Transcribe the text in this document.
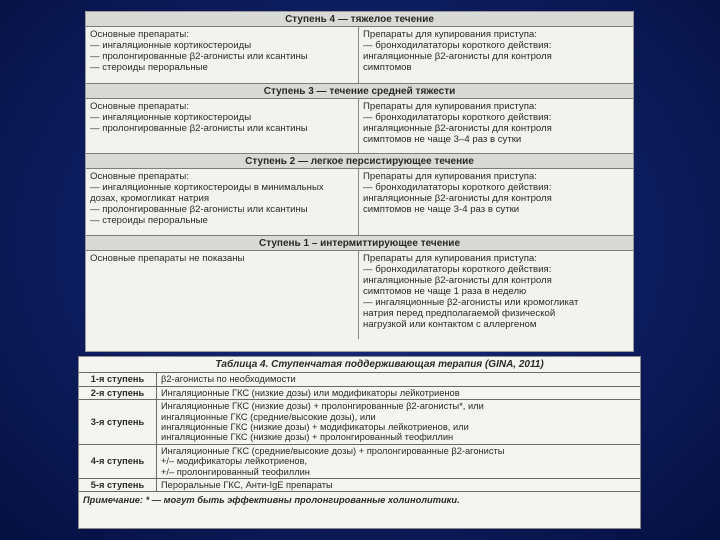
Ступень 4 — тяжелое течение
Основные препараты:
— ингаляционные кортикостероиды
— пролонгированные β2-агонисты или ксантины
— стероиды пероральные
Препараты для купирования приступа:
— бронходилататоры короткого действия:
ингаляционные β2-агонисты для контроля
симптомов
Ступень 3 — течение средней тяжести
Основные препараты:
— ингаляционные кортикостероиды
— пролонгированные β2-агонисты или ксантины
Препараты для купирования приступа:
— бронходилататоры короткого действия:
ингаляционные β2-агонисты для контроля
симптомов не чаще 3–4 раз в сутки
Ступень 2 — легкое персистирующее течение
Основные препараты:
— ингаляционные кортикостероиды в минимальных
дозах, кромогликат натрия
— пролонгированные β2-агонисты или ксантины
— стероиды пероральные
Препараты для купирования приступа:
— бронходилататоры короткого действия:
ингаляционные β2-агонисты для контроля
симптомов не чаще 3-4 раз в сутки
Ступень 1 – интермиттирующее течение
Основные препараты не показаны	Препараты для купирования приступа:
— бронходилататоры короткого действия:
ингаляционные β2-агонисты для контроля
симптомов не чаще 1 раза в неделю
— ингаляционные β2-агонисты или кромогликат
натрия перед предполагаемой физической
нагрузкой или контактом с аллергеном
Таблица 4. Ступенчатая поддерживающая терапия (GINA, 2011)
1-я ступень	β2-агонисты по необходимости
2-я ступень	Ингаляционные ГКС (низкие дозы) или модификаторы лейкотриенов
3-я ступень
Ингаляционные ГКС (низкие дозы) + пролонгированные β2-агонисты*, или
ингаляционные ГКС (средние/высокие дозы), или
ингаляционные ГКС (низкие дозы) + модификаторы лейкотриенов, или
ингаляционные ГКС (низкие дозы) + пролонгированный теофиллин
4-я ступень
Ингаляционные ГКС (средние/высокие дозы) + пролонгированные β2-агонисты
+/– модификаторы лейкотриенов,
+/– пролонгированный теофиллин
5-я ступень	Пероральные ГКС, Анти-IgE препараты
Примечание: * — могут быть эффективны пролонгированные холинолитики.
